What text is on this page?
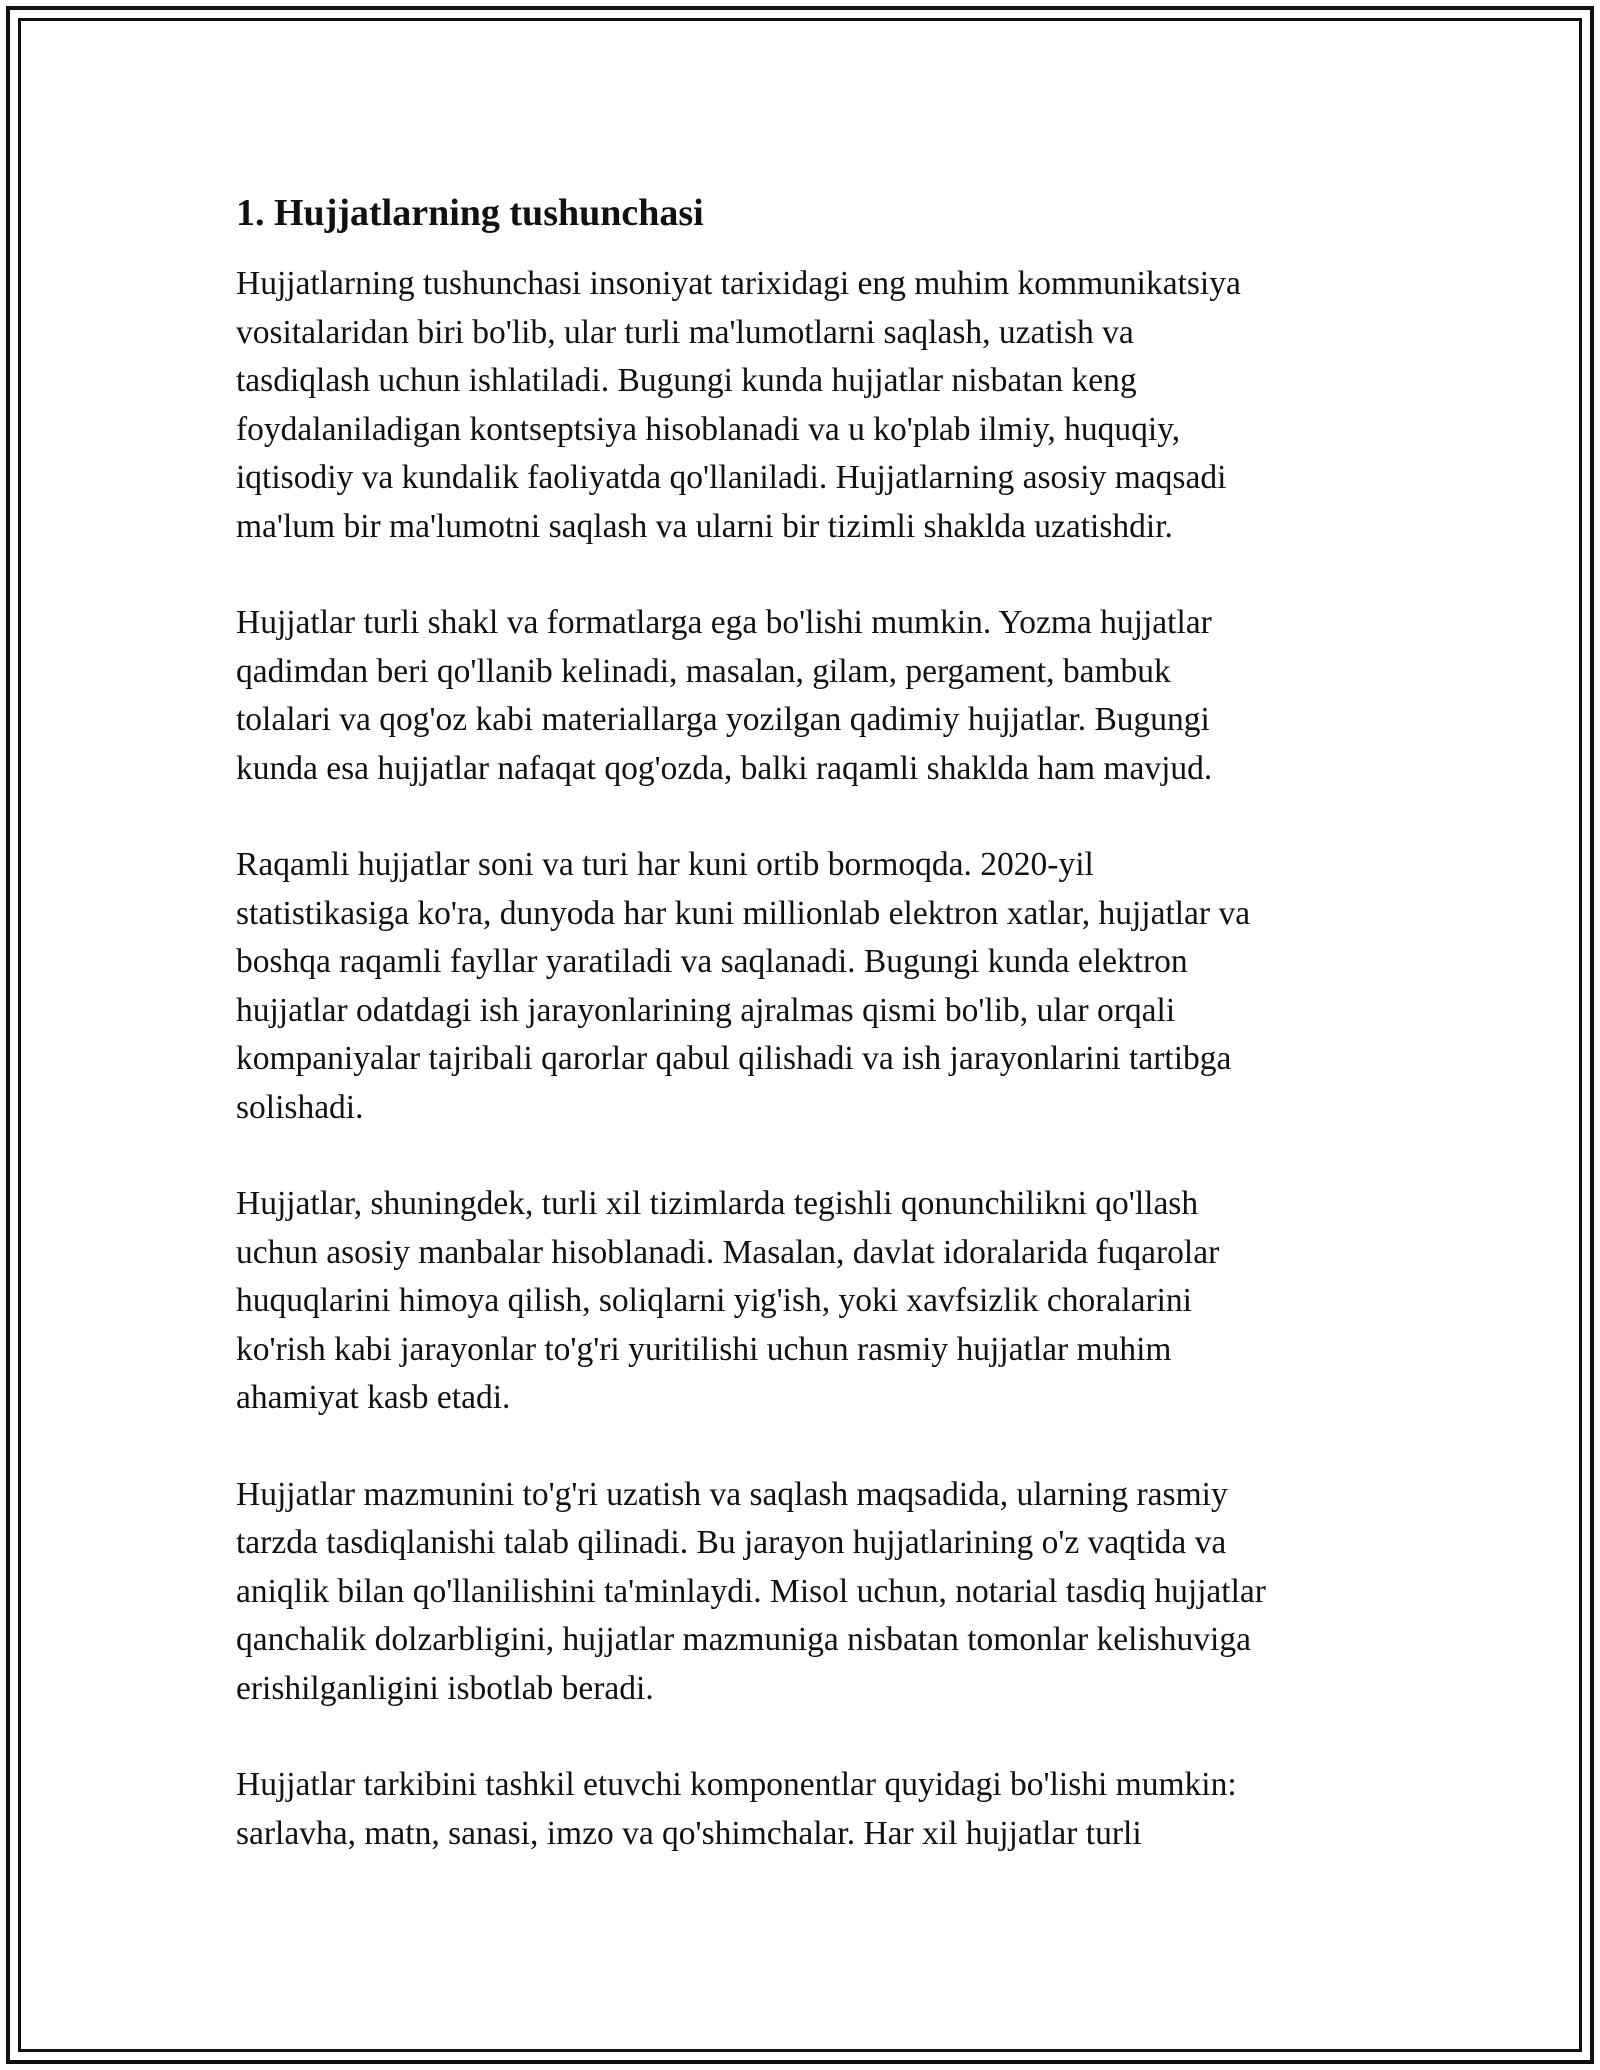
1. Hujjatlarning tushunchasi
Hujjatlarning tushunchasi insoniyat tarixidagi eng muhim kommunikatsiya
vositalaridan biri bo'lib, ular turli ma'lumotlarni saqlash, uzatish va
tasdiqlash uchun ishlatiladi. Bugungi kunda hujjatlar nisbatan keng
foydalaniladigan kontseptsiya hisoblanadi va u ko'plab ilmiy, huquqiy,
iqtisodiy va kundalik faoliyatda qo'llaniladi. Hujjatlarning asosiy maqsadi
ma'lum bir ma'lumotni saqlash va ularni bir tizimli shaklda uzatishdir.
Hujjatlar turli shakl va formatlarga ega bo'lishi mumkin. Yozma hujjatlar
qadimdan beri qo'llanib kelinadi, masalan, gilam, pergament, bambuk
tolalari va qog'oz kabi materiallarga yozilgan qadimiy hujjatlar. Bugungi
kunda esa hujjatlar nafaqat qog'ozda, balki raqamli shaklda ham mavjud.
Raqamli hujjatlar soni va turi har kuni ortib bormoqda. 2020-yil
statistikasiga ko'ra, dunyoda har kuni millionlab elektron xatlar, hujjatlar va
boshqa raqamli fayllar yaratiladi va saqlanadi. Bugungi kunda elektron
hujjatlar odatdagi ish jarayonlarining ajralmas qismi bo'lib, ular orqali
kompaniyalar tajribali qarorlar qabul qilishadi va ish jarayonlarini tartibga
solishadi.
Hujjatlar, shuningdek, turli xil tizimlarda tegishli qonunchilikni qo'llash
uchun asosiy manbalar hisoblanadi. Masalan, davlat idoralarida fuqarolar
huquqlarini himoya qilish, soliqlarni yig'ish, yoki xavfsizlik choralarini
ko'rish kabi jarayonlar to'g'ri yuritilishi uchun rasmiy hujjatlar muhim
ahamiyat kasb etadi.
Hujjatlar mazmunini to'g'ri uzatish va saqlash maqsadida, ularning rasmiy
tarzda tasdiqlanishi talab qilinadi. Bu jarayon hujjatlarining o'z vaqtida va
aniqlik bilan qo'llanilishini ta'minlaydi. Misol uchun, notarial tasdiq hujjatlar
qanchalik dolzarbligini, hujjatlar mazmuniga nisbatan tomonlar kelishuviga
erishilganligini isbotlab beradi.
Hujjatlar tarkibini tashkil etuvchi komponentlar quyidagi bo'lishi mumkin:
sarlavha, matn, sanasi, imzo va qo'shimchalar. Har xil hujjatlar turli
